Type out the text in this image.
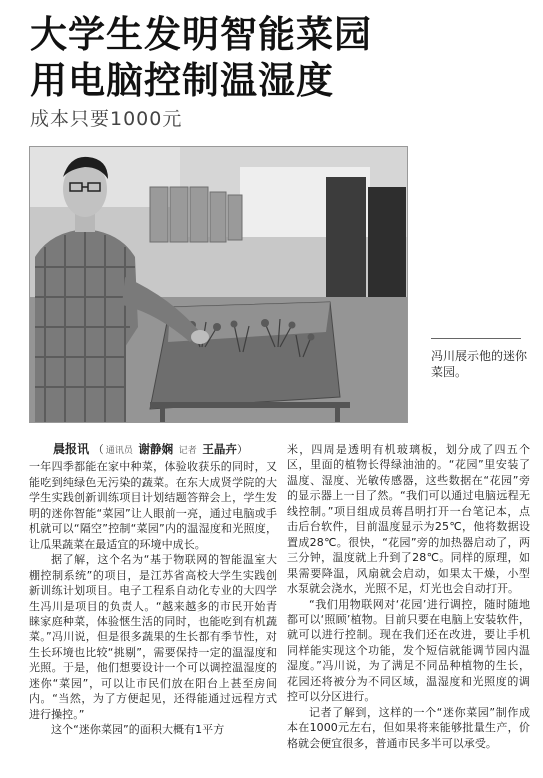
大学生发明智能菜园
用电脑控制温湿度
成本只要1000元
冯川展示他的迷你菜园。

晨报讯 （ 通讯员 谢静娴 记者 王晶卉）

一年四季都能在家中种菜，体验收获乐的同时，又能吃到纯绿色无污染的蔬菜。在东大成贤学院的大学生实践创新训练项目计划结题答辩会上，学生发明的迷你智能“菜园”让人眼前一亮，通过电脑或手机就可以“隔空”控制“菜园”内的温湿度和光照度，让瓜果蔬菜在最适宜的环境中成长。

据了解，这个名为“基于物联网的智能温室大棚控制系统”的项目，是江苏省高校大学生实践创新训练计划项目。电子工程系自动化专业的大四学生冯川是项目的负责人。“越来越多的市民开始青睐家庭种菜，体验惬生活的同时，也能吃到有机蔬菜。”冯川说，但是很多蔬果的生长都有季节性，对生长环境也比较“挑剔”，需要保持一定的温湿度和光照。于是，他们想要设计一个可以调控温湿度的迷你“菜园”，可以让市民们放在阳台上甚至房间内。“当然，为了方便起见，还得能通过远程方式进行操控。”

这个“迷你菜园”的面积大概有1平方

米，四周是透明有机玻璃板，划分成了四五个区，里面的植物长得绿油油的。“花园”里安装了温度、湿度、光敏传感器，这些数据在“花园”旁的显示器上一目了然。“我们可以通过电脑远程无线控制。”项目组成员蒋昌明打开一台笔记本，点击后台软件，目前温度显示为25℃，他将数据设置成28℃。很快，“花园”旁的加热器启动了，两三分钟，温度就上升到了28℃。同样的原理，如果需要降温，风扇就会启动，如果太干燥，小型水泵就会浇水，光照不足，灯光也会自动打开。

“我们用物联网对‘花园’进行调控，随时随地都可以‘照顾’植物。目前只要在电脑上安装软件，就可以进行控制。现在我们还在改进，要让手机同样能实现这个功能，发个短信就能调节园内温湿度。”冯川说，为了满足不同品种植物的生长，花园还将被分为不同区域，温湿度和光照度的调控可以分区进行。

记者了解到，这样的一个“迷你菜园”制作成本在1000元左右，但如果将来能够批量生产，价格就会便宜很多，普通市民多半可以承受。
